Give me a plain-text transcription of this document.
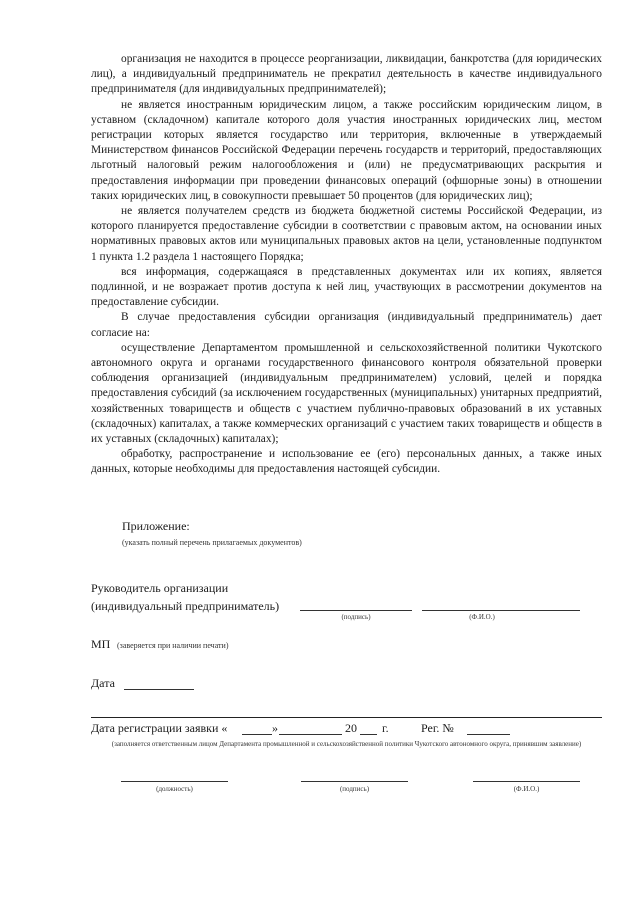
организация не находится в процессе реорганизации, ликвидации, банкротства (для юридических лиц), а индивидуальный предприниматель не прекратил деятельность в качестве индивидуального предпринимателя (для индивидуальных предпринимателей);

не является иностранным юридическим лицом, а также российским юридическим лицом, в уставном (складочном) капитале которого доля участия иностранных юридических лиц, местом регистрации которых является государство или территория, включенные в утверждаемый Министерством финансов Российской Федерации перечень государств и территорий, предоставляющих льготный налоговый режим налогообложения и (или) не предусматривающих раскрытия и предоставления информации при проведении финансовых операций (офшорные зоны) в отношении таких юридических лиц, в совокупности превышает 50 процентов (для юридических лиц);

не является получателем средств из бюджета бюджетной системы Российской Федерации, из которого планируется предоставление субсидии в соответствии с правовым актом, на основании иных нормативных правовых актов или муниципальных правовых актов на цели, установленные подпунктом 1 пункта 1.2 раздела 1 настоящего Порядка;

вся информация, содержащаяся в представленных документах или их копиях, является подлинной, и не возражает против доступа к ней лиц, участвующих в рассмотрении документов на предоставление субсидии.

В случае предоставления субсидии организация (индивидуальный предприниматель) дает согласие на:

осуществление Департаментом промышленной и сельскохозяйственной политики Чукотского автономного округа и органами государственного финансового контроля обязательной проверки соблюдения организацией (индивидуальным предпринимателем) условий, целей и порядка предоставления субсидий (за исключением государственных (муниципальных) унитарных предприятий, хозяйственных товариществ и обществ с участием публично-правовых образований в их уставных (складочных) капиталах, а также коммерческих организаций с участием таких товариществ и обществ в их уставных (складочных) капиталах);

обработку, распространение и использование ее (его) персональных данных, а также иных данных, которые необходимы для предоставления настоящей субсидии.

Приложение:
(указать полный перечень прилагаемых документов)
Руководитель организации
(индивидуальный предприниматель)
(подпись)	(Ф.И.О.)
МП (заверяется при наличии печати)
Дата
Дата регистрации заявки «	»	20 г.	Рег. №
(заполняется ответственным лицом Департамента промышленной и сельскохозяйственной политики Чукотского автономного округа, принявшим заявление)
(должность)	(подпись)	(Ф.И.О.)
